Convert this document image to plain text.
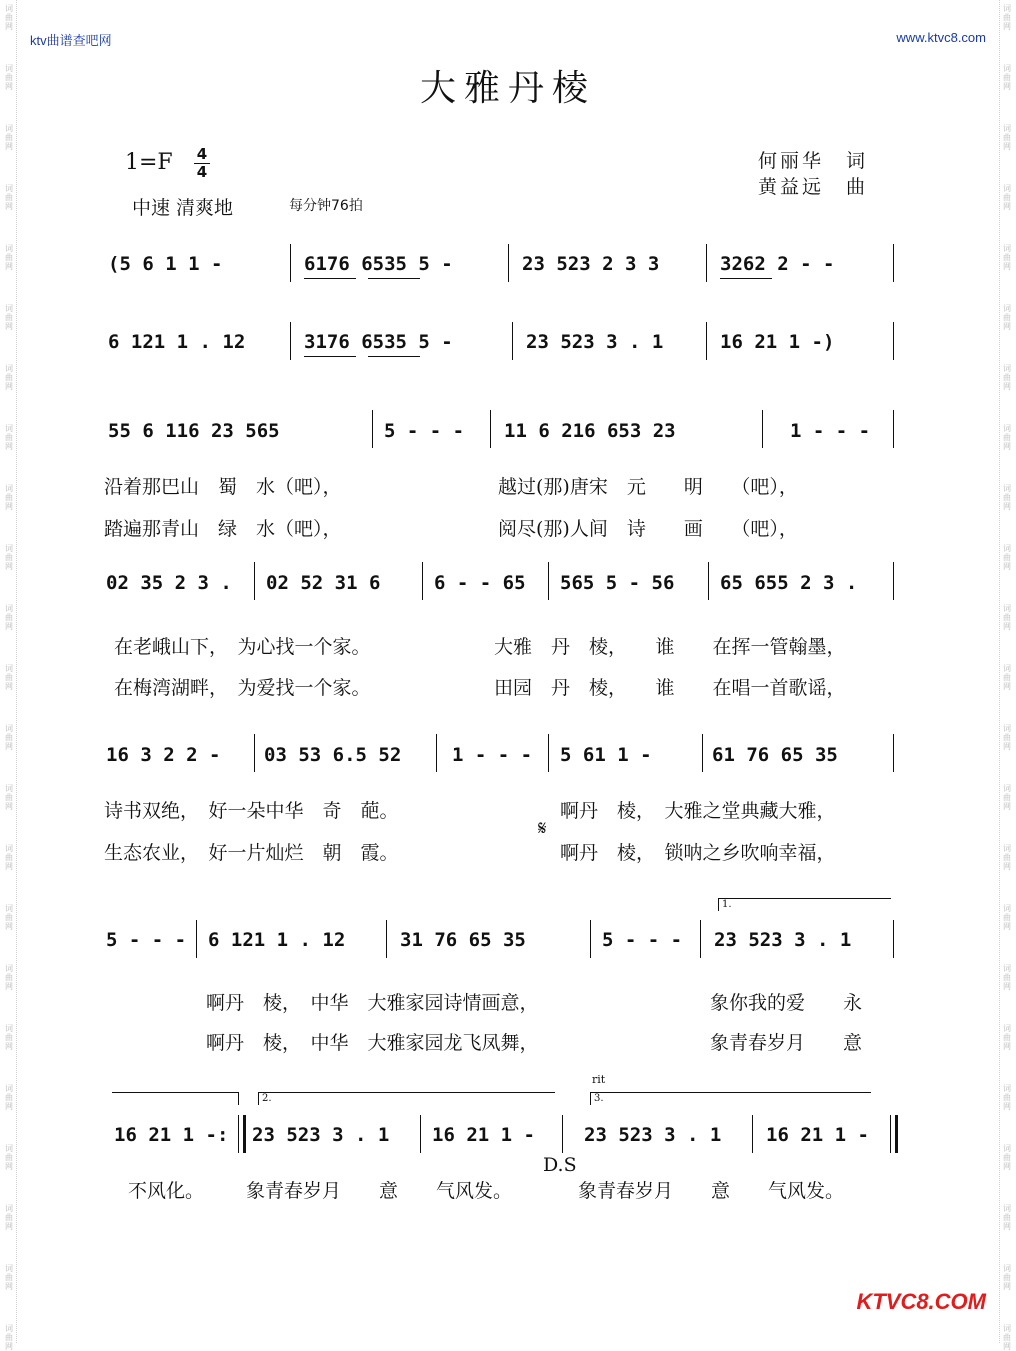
词
曲
网
词
曲
网
词
曲
网
词
曲
网
词
曲
网
词
曲
网
词
曲
网
词
曲
网
词
曲
网
词
曲
网
词
曲
网
词
曲
网
词
曲
网
词
曲
网
词
曲
网
词
曲
网
词
曲
网
词
曲
网
词
曲
网
词
曲
网
词
曲
网
词
曲
网
词
曲
网
词
曲
网
词
曲
网
词
曲
网
词
曲
网
词
曲
网
词
曲
网
词
曲
网
词
曲
网
词
曲
网
词
曲
网
词
曲
网
词
曲
网
词
曲
网
词
曲
网
词
曲
网
词
曲
网
词
曲
网
词
曲
网
词
曲
网
词
曲
网
词
曲
网
词
曲
网
词
曲
网
ktv曲谱查吧网	www.ktvc8.com
大雅丹棱
1=F 4
4
中速 清爽地	每分钟76拍
何丽华　词
黄益远　曲
(5 6 1 1 -	6176 6535 5 -	23 523 2 3 3	3262 2 - -
6 121 1 . 12	3176 6535 5 -	23 523 3 . 1	16 21 1 -)
55 6 116 23 565	5 - - - 11 6 216 653 23	1 - - -
沿着那巴山　蜀　水（吧），	越过(那)唐宋　元　　明　　（吧），
踏遍那青山　绿　水（吧），	阅尽(那)人间　诗　　画　　（吧），
02 35 2 3 . 02 52 31 6	6 - - 65 565 5 - 56 65 655 2 3 .
在老峨山下，　为心找一个家。	大雅　丹　棱，　　谁　　在挥一管翰墨，
在梅湾湖畔，　为爱找一个家。	田园　丹　棱，　　谁　　在唱一首歌谣，
16 3 2 2 - 03 53 6.5 52	1 - - - 5 61 1 -	61 76 65 35
诗书双绝，　好一朵中华　奇　葩。	啊丹　棱，　大雅之堂典藏大雅，
生态农业，　好一片灿烂　朝　霞。	啊丹　棱，　锁呐之乡吹响幸福，
𝄋
1.
5 - - - 6 121 1 . 12	31 76 65 35	5 - - - 23 523 3 . 1
啊丹　棱，　中华　大雅家园诗情画意，	象你我的爱　　永
啊丹　棱，　中华　大雅家园龙飞凤舞，	象青春岁月　　意
2.	3.
rit
16 21 1 -: 23 523 3 . 1 16 21 1 -	23 523 3 . 1 16 21 1 -
D.S
不风化。 象青春岁月　　意　　气风发。	象青春岁月　　意　　气风发。
KTVC8.COM
